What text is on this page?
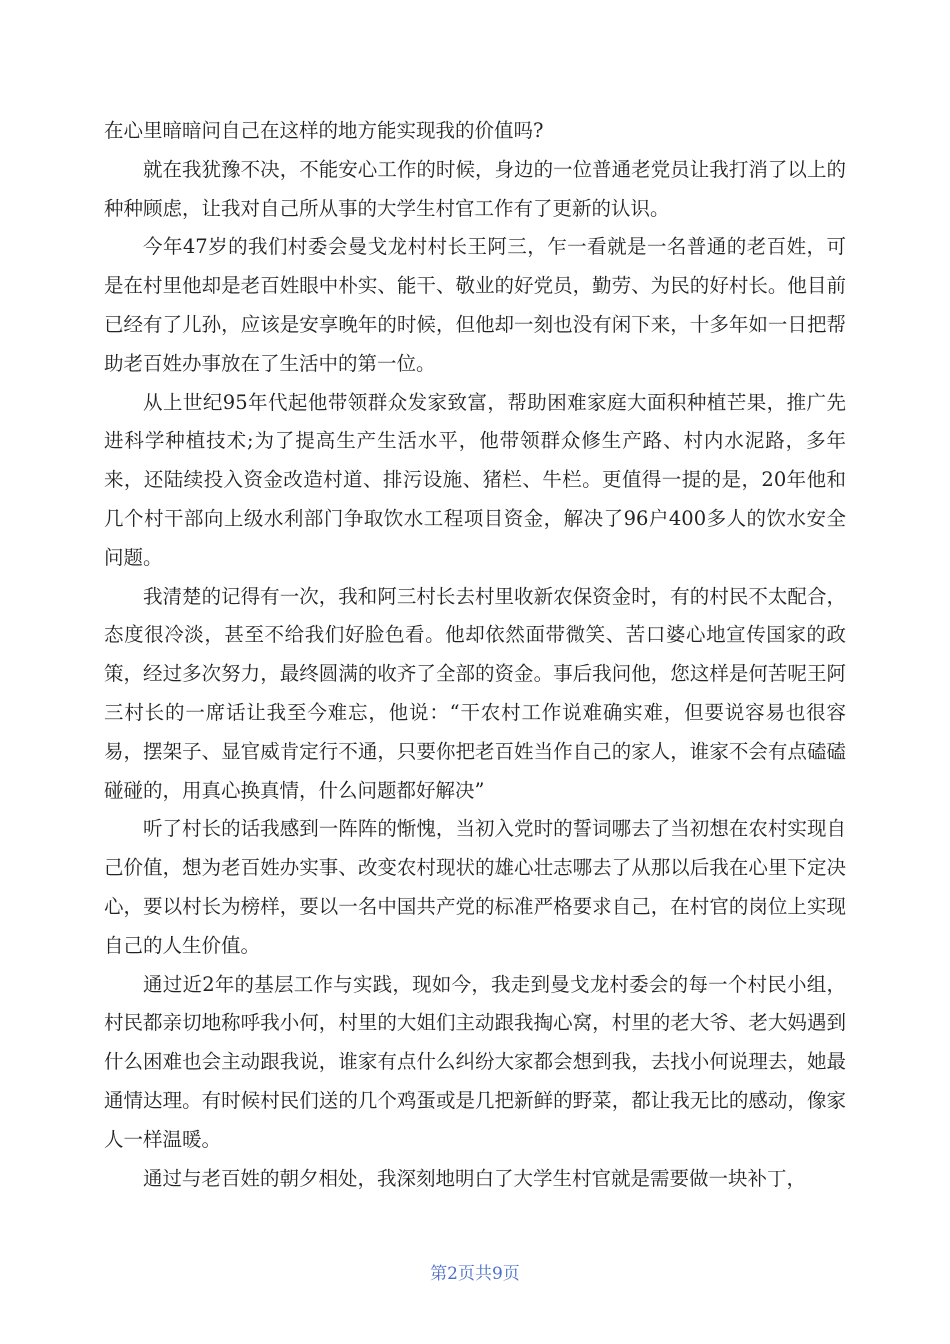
在心里暗暗问自己在这样的地方能实现我的价值吗?

就在我犹豫不决，不能安心工作的时候，身边的一位普通老党员让我打消了以上的种种顾虑，让我对自己所从事的大学生村官工作有了更新的认识。

今年47岁的我们村委会曼戈龙村村长王阿三，乍一看就是一名普通的老百姓，可是在村里他却是老百姓眼中朴实、能干、敬业的好党员，勤劳、为民的好村长。他目前已经有了儿孙，应该是安享晚年的时候，但他却一刻也没有闲下来，十多年如一日把帮助老百姓办事放在了生活中的第一位。

从上世纪95年代起他带领群众发家致富，帮助困难家庭大面积种植芒果，推广先进科学种植技术;为了提高生产生活水平，他带领群众修生产路、村内水泥路，多年来，还陆续投入资金改造村道、排污设施、猪栏、牛栏。更值得一提的是，20年他和几个村干部向上级水利部门争取饮水工程项目资金，解决了96户400多人的饮水安全问题。

我清楚的记得有一次，我和阿三村长去村里收新农保资金时，有的村民不太配合，态度很冷淡，甚至不给我们好脸色看。他却依然面带微笑、苦口婆心地宣传国家的政策，经过多次努力，最终圆满的收齐了全部的资金。事后我问他，您这样是何苦呢王阿三村长的一席话让我至今难忘，他说：“干农村工作说难确实难，但要说容易也很容易，摆架子、显官威肯定行不通，只要你把老百姓当作自己的家人，谁家不会有点磕磕碰碰的，用真心换真情，什么问题都好解决”

听了村长的话我感到一阵阵的惭愧，当初入党时的誓词哪去了当初想在农村实现自己价值，想为老百姓办实事、改变农村现状的雄心壮志哪去了从那以后我在心里下定决心，要以村长为榜样，要以一名中国共产党的标准严格要求自己，在村官的岗位上实现自己的人生价值。

通过近2年的基层工作与实践，现如今，我走到曼戈龙村委会的每一个村民小组，村民都亲切地称呼我小何，村里的大姐们主动跟我掏心窝，村里的老大爷、老大妈遇到什么困难也会主动跟我说，谁家有点什么纠纷大家都会想到我，去找小何说理去，她最通情达理。有时候村民们送的几个鸡蛋或是几把新鲜的野菜，都让我无比的感动，像家人一样温暖。

通过与老百姓的朝夕相处，我深刻地明白了大学生村官就是需要做一块补丁，

第2页共9页
